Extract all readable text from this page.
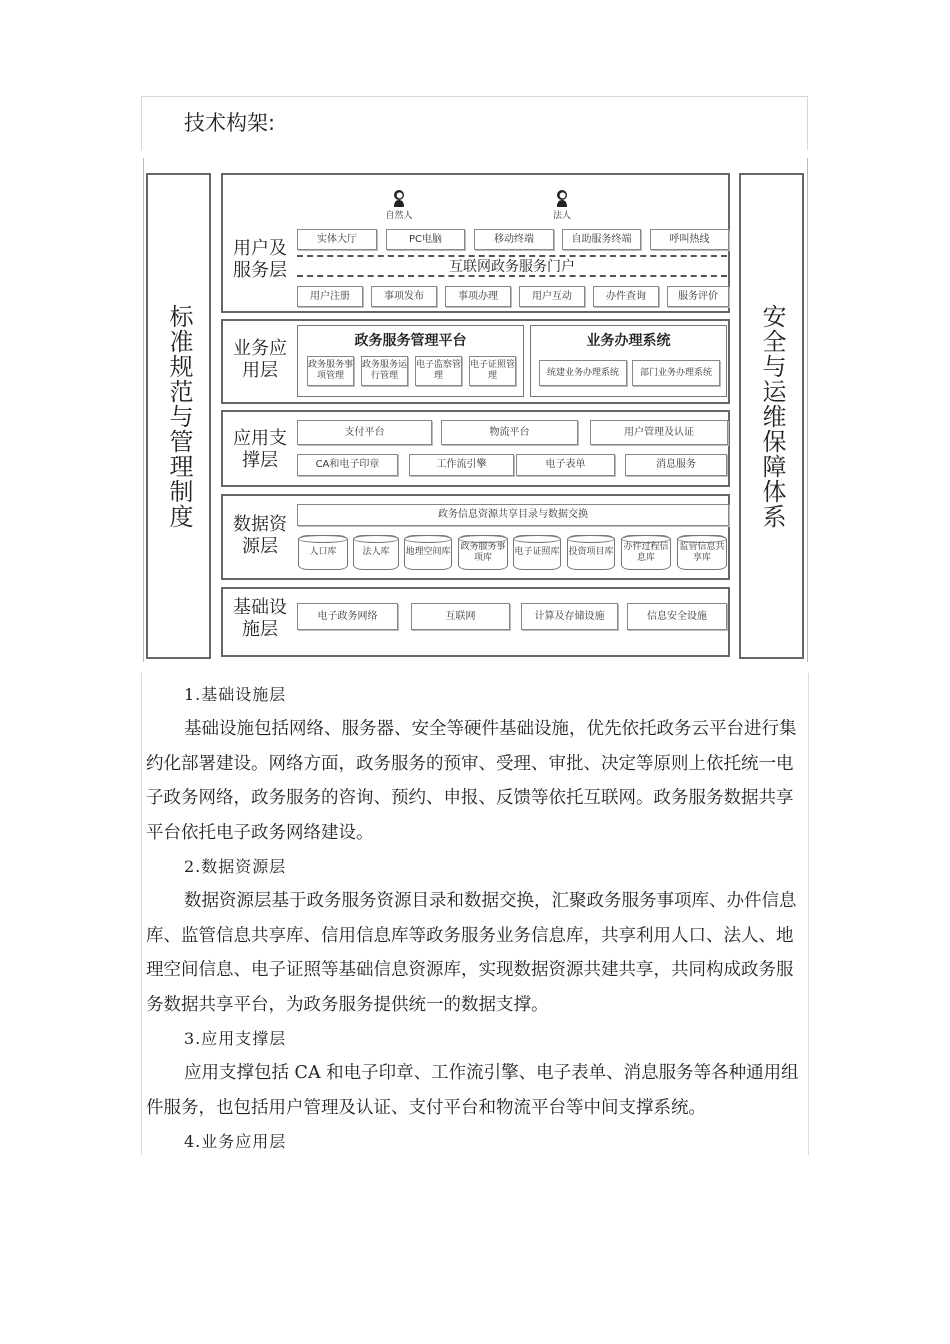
技术构架:
标准规范与管理制度	安全与运维保障体系
用户及服务层
自然人	法人
实体大厅	PC电脑	移动终端	自助服务终端	呼叫热线
互联网政务服务门户
用户注册	事项发布	事项办理	用户互动	办件查询	服务评价
业务应用层
政务服务管理平台
政务服务事项管理
政务服务运行管理
电子监察管理
电子证照管理
业务办理系统
统建业务办理系统	部门业务办理系统
应用支撑层
支付平台	物流平台	用户管理及认证
CA和电子印章	工作流引擎	电子表单	消息服务
数据资源层
政务信息资源共享目录与数据交换
人口库	法人库	地理空间库
政务服务事项库
电子证照库 投资项目库
办件过程信息库
监管信息共享库
基础设施层
电子政务网络	互联网	计算及存储设施	信息安全设施
1.基础设施层
基础设施包括网络、服务器、安全等硬件基础设施，优先依托政务云平台进行集约化部署建设。网络方面，政务服务的预审、受理、审批、决定等原则上依托统一电子政务网络，政务服务的咨询、预约、申报、反馈等依托互联网。政务服务数据共享平台依托电子政务网络建设。
2.数据资源层
数据资源层基于政务服务资源目录和数据交换，汇聚政务服务事项库、办件信息库、监管信息共享库、信用信息库等政务服务业务信息库，共享利用人口、法人、地理空间信息、电子证照等基础信息资源库，实现数据资源共建共享，共同构成政务服务数据共享平台，为政务服务提供统一的数据支撑。
3.应用支撑层
应用支撑包括 CA 和电子印章、工作流引擎、电子表单、消息服务等各种通用组件服务，也包括用户管理及认证、支付平台和物流平台等中间支撑系统。
4.业务应用层
